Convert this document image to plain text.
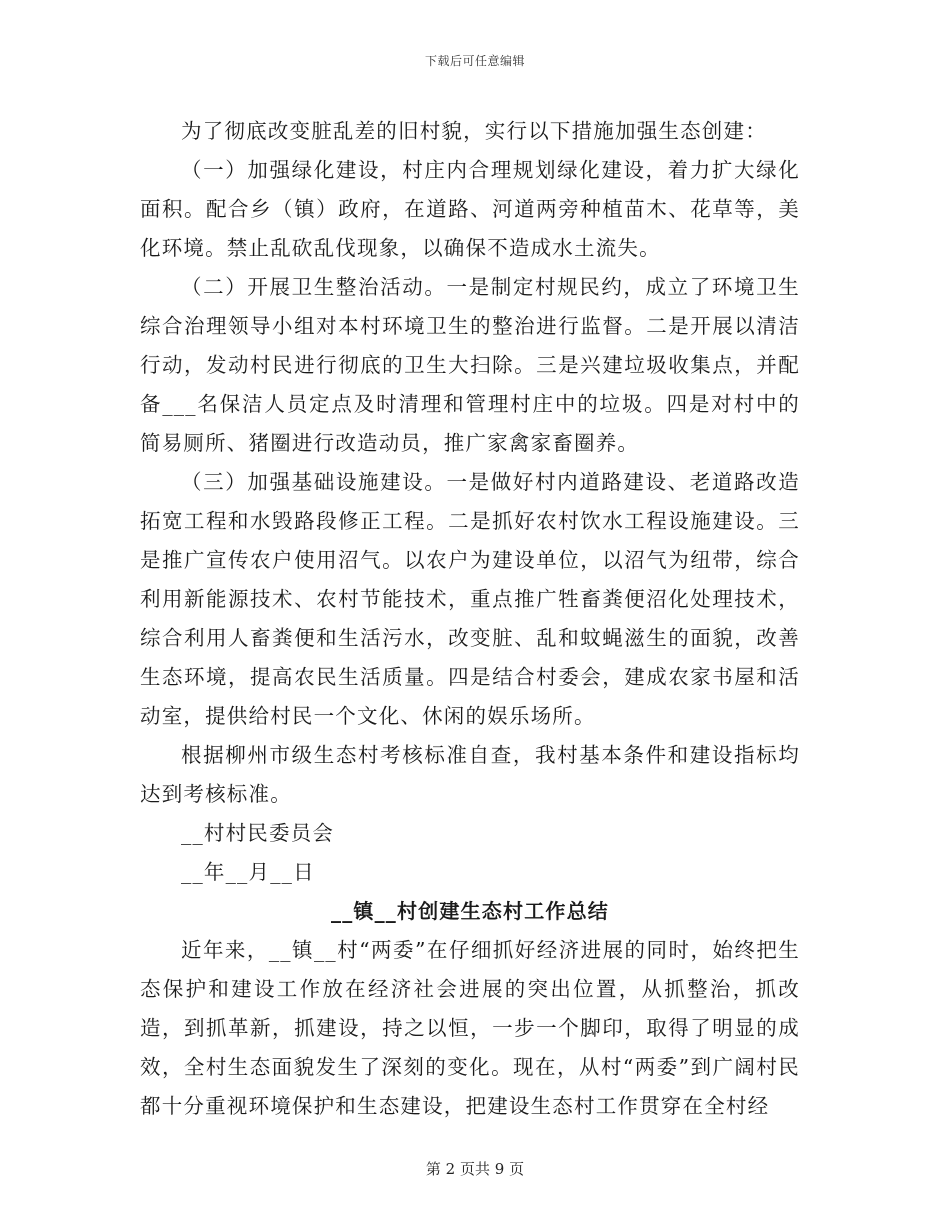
下载后可任意编辑

为了彻底改变脏乱差的旧村貌，实行以下措施加强生态创建：

（一）加强绿化建设，村庄内合理规划绿化建设，着力扩大绿化面积。配合乡（镇）政府，在道路、河道两旁种植苗木、花草等，美化环境。禁止乱砍乱伐现象，以确保不造成水土流失。

（二）开展卫生整治活动。一是制定村规民约，成立了环境卫生综合治理领导小组对本村环境卫生的整治进行监督。二是开展以清洁行动，发动村民进行彻底的卫生大扫除。三是兴建垃圾收集点，并配备___名保洁人员定点及时清理和管理村庄中的垃圾。四是对村中的简易厕所、猪圈进行改造动员，推广家禽家畜圈养。

（三）加强基础设施建设。一是做好村内道路建设、老道路改造拓宽工程和水毁路段修正工程。二是抓好农村饮水工程设施建设。三是推广宣传农户使用沼气。以农户为建设单位，以沼气为纽带，综合利用新能源技术、农村节能技术，重点推广牲畜粪便沼化处理技术，综合利用人畜粪便和生活污水，改变脏、乱和蚊蝇滋生的面貌，改善生态环境，提高农民生活质量。四是结合村委会，建成农家书屋和活动室，提供给村民一个文化、休闲的娱乐场所。

根据柳州市级生态村考核标准自查，我村基本条件和建设指标均达到考核标准。

__村村民委员会

__年__月__日

__镇__村创建生态村工作总结

近年来，__镇__村“两委”在仔细抓好经济进展的同时，始终把生态保护和建设工作放在经济社会进展的突出位置，从抓整治，抓改造，到抓革新，抓建设，持之以恒，一步一个脚印，取得了明显的成效，全村生态面貌发生了深刻的变化。现在，从村“两委”到广阔村民都十分重视环境保护和生态建设，把建设生态村工作贯穿在全村经

第 2 页共 9 页
